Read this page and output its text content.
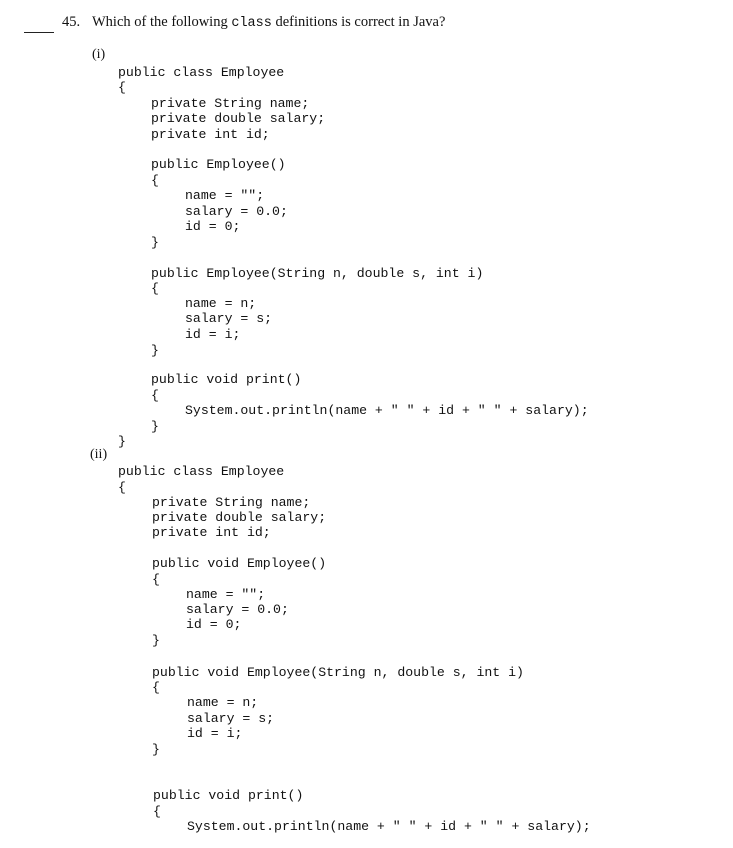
45. Which of the following class definitions is correct in Java?
(i)
public class Employee
{
private String name;
private double salary;
private int id;
public Employee()
{
name = "";
salary = 0.0;
id = 0;
}
public Employee(String n, double s, int i)
{
name = n;
salary = s;
id = i;
}
public void print()
{
System.out.println(name + " " + id + " " + salary);
}
}
(ii)
public class Employee
{
private String name;
private double salary;
private int id;
public void Employee()
{
name = "";
salary = 0.0;
id = 0;
}
public void Employee(String n, double s, int i)
{
name = n;
salary = s;
id = i;
}
public void print()
{
System.out.println(name + " " + id + " " + salary);
